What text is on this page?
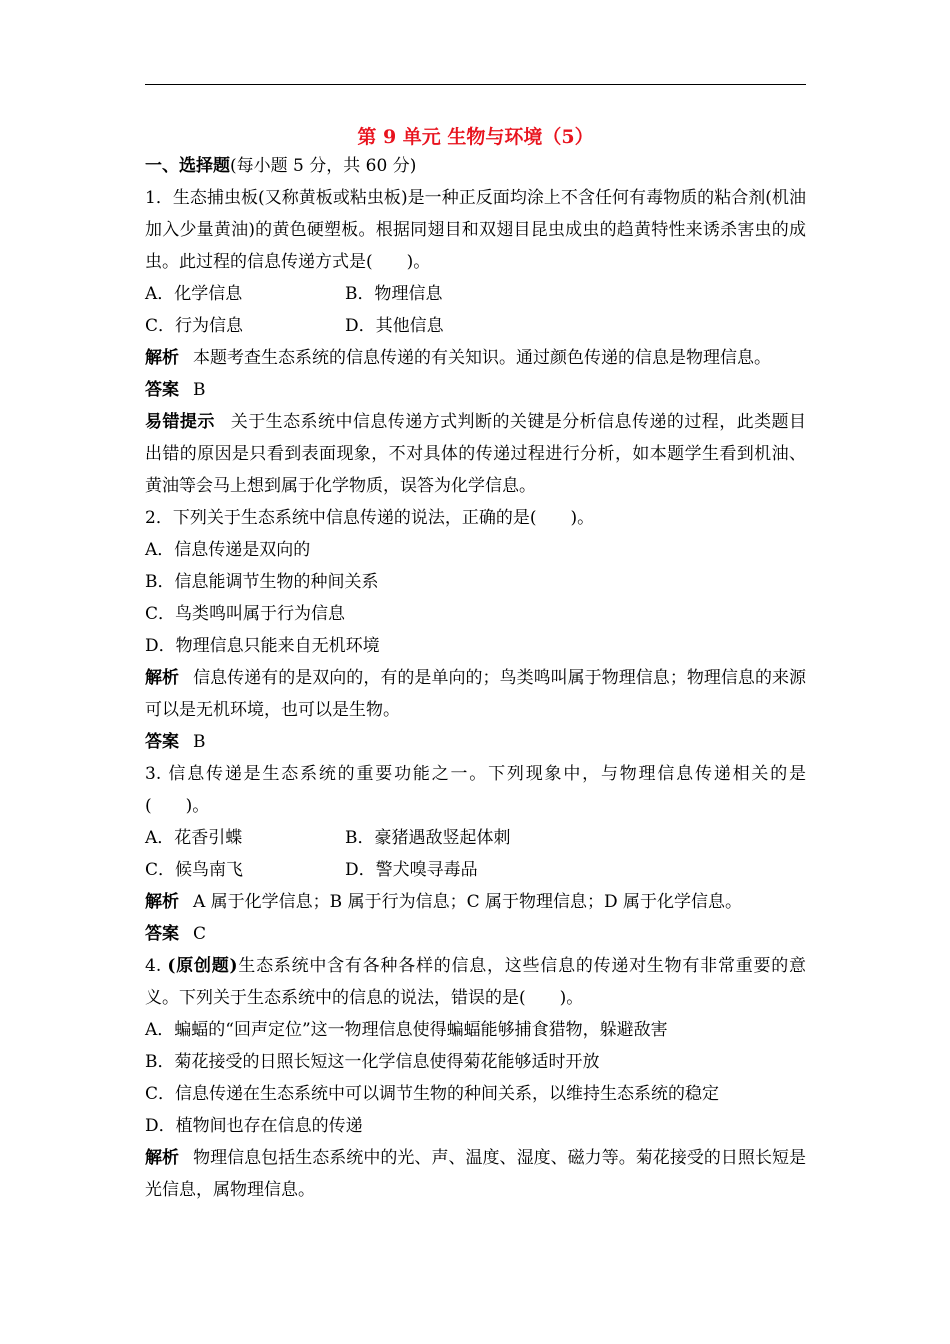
第 9 单元 生物与环境（5）
一、选择题(每小题 5 分，共 60 分)
1．生态捕虫板(又称黄板或粘虫板)是一种正反面均涂上不含任何有毒物质的粘合剂(机油加入少量黄油)的黄色硬塑板。根据同翅目和双翅目昆虫成虫的趋黄特性来诱杀害虫的成虫。此过程的信息传递方式是(　　)。
A．化学信息	B．物理信息
C．行为信息	D．其他信息
解析 本题考查生态系统的信息传递的有关知识。通过颜色传递的信息是物理信息。
答案 B
易错提示 关于生态系统中信息传递方式判断的关键是分析信息传递的过程，此类题目出错的原因是只看到表面现象，不对具体的传递过程进行分析，如本题学生看到机油、黄油等会马上想到属于化学物质，误答为化学信息。
2．下列关于生态系统中信息传递的说法，正确的是(　　)。
A．信息传递是双向的
B．信息能调节生物的种间关系
C．鸟类鸣叫属于行为信息
D．物理信息只能来自无机环境
解析 信息传递有的是双向的，有的是单向的；鸟类鸣叫属于物理信息；物理信息的来源可以是无机环境，也可以是生物。
答案 B
3. 信息传递是生态系统的重要功能之一。下列现象中，与物理信息传递相关的是(　　)。
A．花香引蝶	B．豪猪遇敌竖起体刺
C．候鸟南飞	D．警犬嗅寻毒品
解析 A 属于化学信息；B 属于行为信息；C 属于物理信息；D 属于化学信息。
答案 C
4. (原创题)生态系统中含有各种各样的信息，这些信息的传递对生物有非常重要的意义。下列关于生态系统中的信息的说法，错误的是(　　)。
A．蝙蝠的“回声定位”这一物理信息使得蝙蝠能够捕食猎物，躲避敌害
B．菊花接受的日照长短这一化学信息使得菊花能够适时开放
C．信息传递在生态系统中可以调节生物的种间关系，以维持生态系统的稳定
D．植物间也存在信息的传递
解析 物理信息包括生态系统中的光、声、温度、湿度、磁力等。菊花接受的日照长短是光信息，属物理信息。
